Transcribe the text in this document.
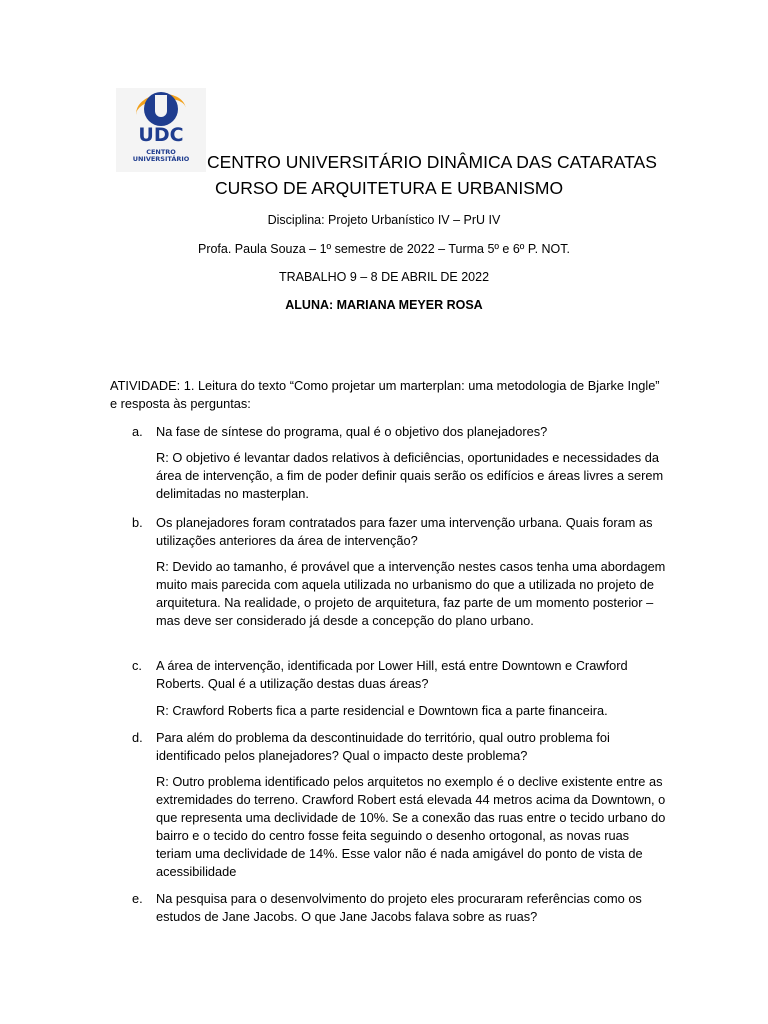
UDC
CENTRO
UNIVERSITÁRIO	CENTRO UNIVERSITÁRIO DINÂMICA DAS CATARATAS
CURSO DE ARQUITETURA E URBANISMO
Disciplina: Projeto Urbanístico IV – PrU IV
Profa. Paula Souza – 1º semestre de 2022 – Turma 5º e 6º P. NOT.
TRABALHO 9 – 8 DE ABRIL DE 2022
ALUNA: MARIANA MEYER ROSA
ATIVIDADE: 1. Leitura do texto “Como projetar um marterplan: uma metodologia de Bjarke Ingle” e resposta às perguntas:
a. Na fase de síntese do programa, qual é o objetivo dos planejadores?
R: O objetivo é levantar dados relativos à deficiências, oportunidades e necessidades da área de intervenção, a fim de poder definir quais serão os edifícios e áreas livres a serem delimitadas no masterplan.
b. Os planejadores foram contratados para fazer uma intervenção urbana. Quais foram as utilizações anteriores da área de intervenção?
R: Devido ao tamanho, é provável que a intervenção nestes casos tenha uma abordagem muito mais parecida com aquela utilizada no urbanismo do que a utilizada no projeto de arquitetura. Na realidade, o projeto de arquitetura, faz parte de um momento posterior – mas deve ser considerado já desde a concepção do plano urbano.
c. A área de intervenção, identificada por Lower Hill, está entre Downtown e Crawford Roberts. Qual é a utilização destas duas áreas?
R: Crawford Roberts fica a parte residencial e Downtown fica a parte financeira.
d. Para além do problema da descontinuidade do território, qual outro problema foi identificado pelos planejadores? Qual o impacto deste problema?
R: Outro problema identificado pelos arquitetos no exemplo é o declive existente entre as extremidades do terreno. Crawford Robert está elevada 44 metros acima da Downtown, o que representa uma declividade de 10%. Se a conexão das ruas entre o tecido urbano do bairro e o tecido do centro fosse feita seguindo o desenho ortogonal, as novas ruas teriam uma declividade de 14%. Esse valor não é nada amigável do ponto de vista de acessibilidade
e. Na pesquisa para o desenvolvimento do projeto eles procuraram referências como os estudos de Jane Jacobs. O que Jane Jacobs falava sobre as ruas?
